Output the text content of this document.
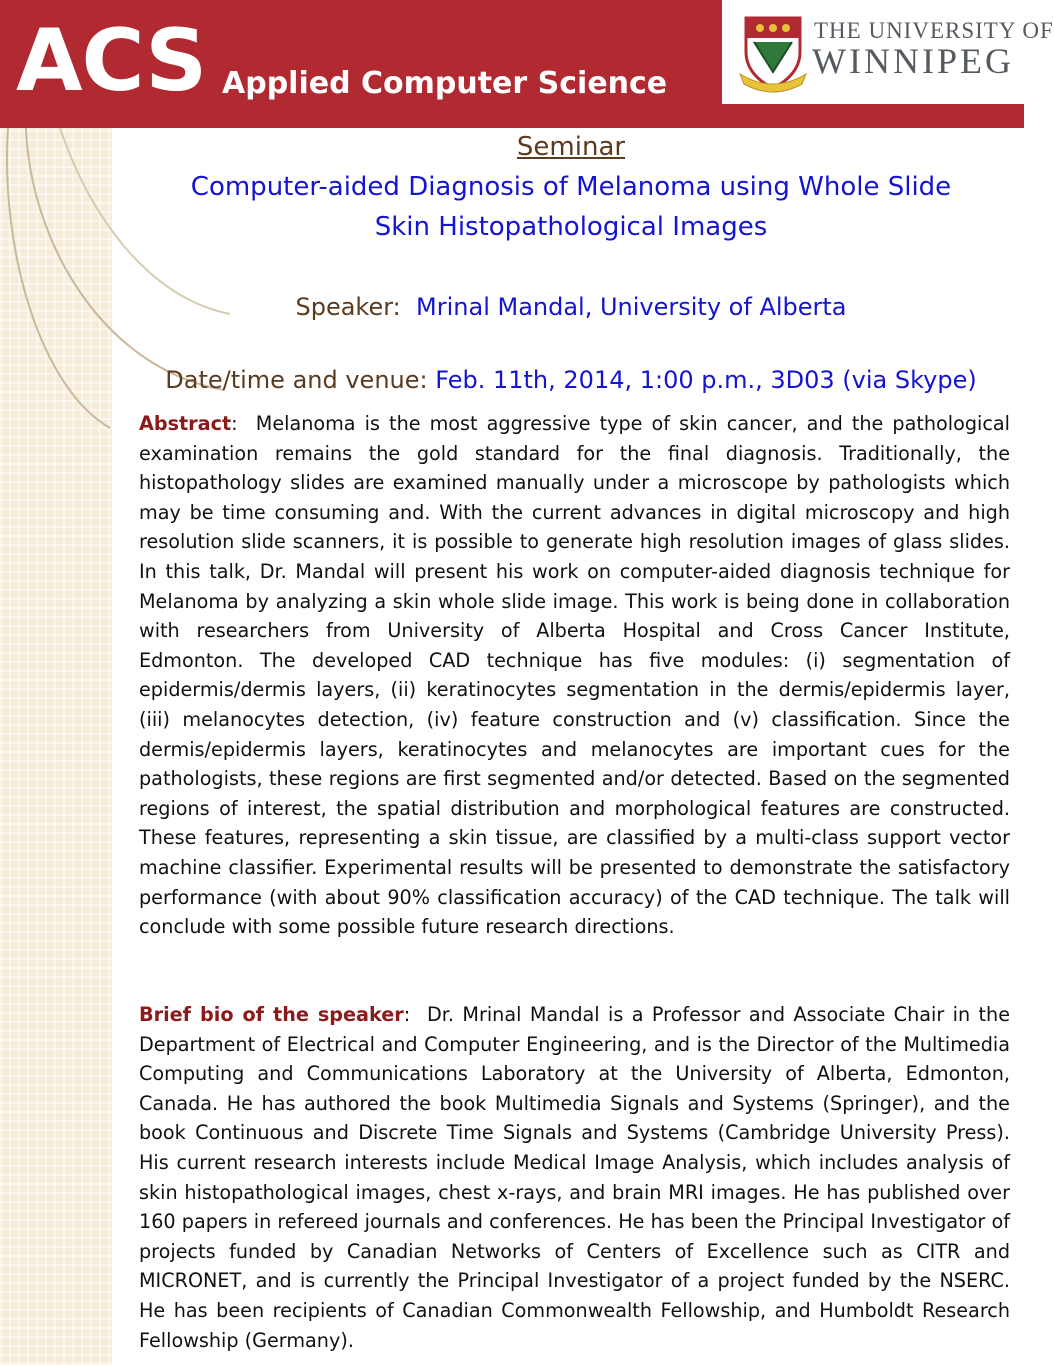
ACS Applied Computer Science
THE UNIVERSITY OF
WINNIPEG
Seminar
Computer-aided Diagnosis of Melanoma using Whole Slide
Skin Histopathological Images
Speaker: Mrinal Mandal, University of Alberta
Date/time and venue: Feb. 11th, 2014, 1:00 p.m., 3D03 (via Skype)
Abstract:  Melanoma is the most aggressive type of skin cancer, and the pathological examination remains the gold standard for the final diagnosis. Traditionally, the histopathology slides are examined manually under a microscope by pathologists which may be time consuming and. With the current advances in digital microscopy and high resolution slide scanners, it is possible to generate high resolution images of glass slides. In this talk, Dr. Mandal will present his work on computer-aided diagnosis technique for Melanoma by analyzing a skin whole slide image. This work is being done in collaboration with researchers from University of Alberta Hospital and Cross Cancer Institute, Edmonton. The developed CAD technique has five modules: (i) segmentation of epidermis/dermis layers, (ii) keratinocytes segmentation in the dermis/epidermis layer, (iii) melanocytes detection, (iv) feature construction and (v) classification. Since the dermis/epidermis layers, keratinocytes and melanocytes are important cues for the pathologists, these regions are first segmented and/or detected. Based on the segmented regions of interest, the spatial distribution and morphological features are constructed. These features, representing a skin tissue, are classified by a multi-class support vector machine classifier. Experimental results will be presented to demonstrate the satisfactory performance (with about 90% classification accuracy) of the CAD technique. The talk will conclude with some possible future research directions.
Brief bio of the speaker:  Dr. Mrinal Mandal is a Professor and Associate Chair in the Department of Electrical and Computer Engineering, and is the Director of the Multimedia Computing and Communications Laboratory at the University of Alberta, Edmonton, Canada. He has authored the book Multimedia Signals and Systems (Springer), and the book Continuous and Discrete Time Signals and Systems (Cambridge University Press). His current research interests include Medical Image Analysis, which includes analysis of skin histopathological images, chest x-rays, and brain MRI images. He has published over 160 papers in refereed journals and conferences. He has been the Principal Investigator of projects funded by Canadian Networks of Centers of Excellence such as CITR and MICRONET, and is currently the Principal Investigator of a project funded by the NSERC. He has been recipients of Canadian Commonwealth Fellowship, and Humboldt Research Fellowship (Germany).
